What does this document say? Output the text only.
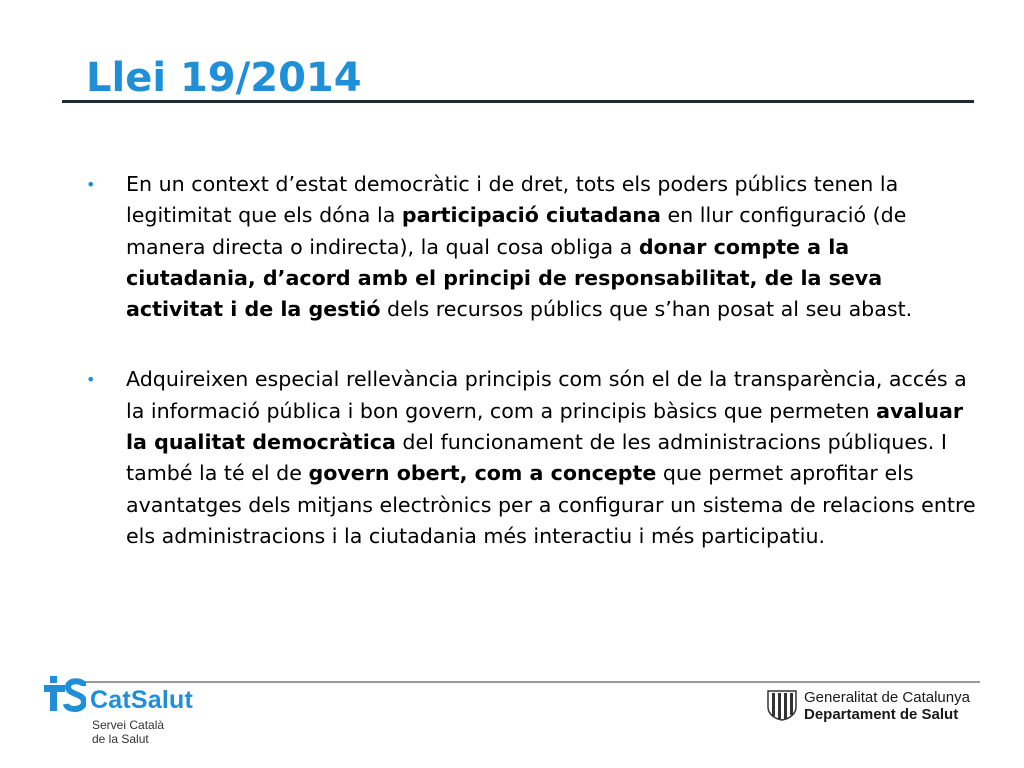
Llei 19/2014

•	En un context d’estat democràtic i de dret, tots els poders públics tenen la legitimitat que els dóna la participació ciutadana en llur configuració (de manera directa o indirecta), la qual cosa obliga a donar compte a la ciutadania, d’acord amb el principi de responsabilitat, de la seva activitat i de la gestió dels recursos públics que s’han posat al seu abast.

•	Adquireixen especial rellevància principis com són el de la transparència, accés a la informació pública i bon govern, com a principis bàsics que permeten avaluar la qualitat democràtica del funcionament de les administracions públiques. I també la té el de govern obert, com a concepte que permet aprofitar els avantatges dels mitjans electrònics per a configurar un sistema de relacions entre els administracions i la ciutadania més interactiu i més participatiu.

CatSalut
Servei Català
de la Salut
Generalitat de Catalunya
Departament de Salut
